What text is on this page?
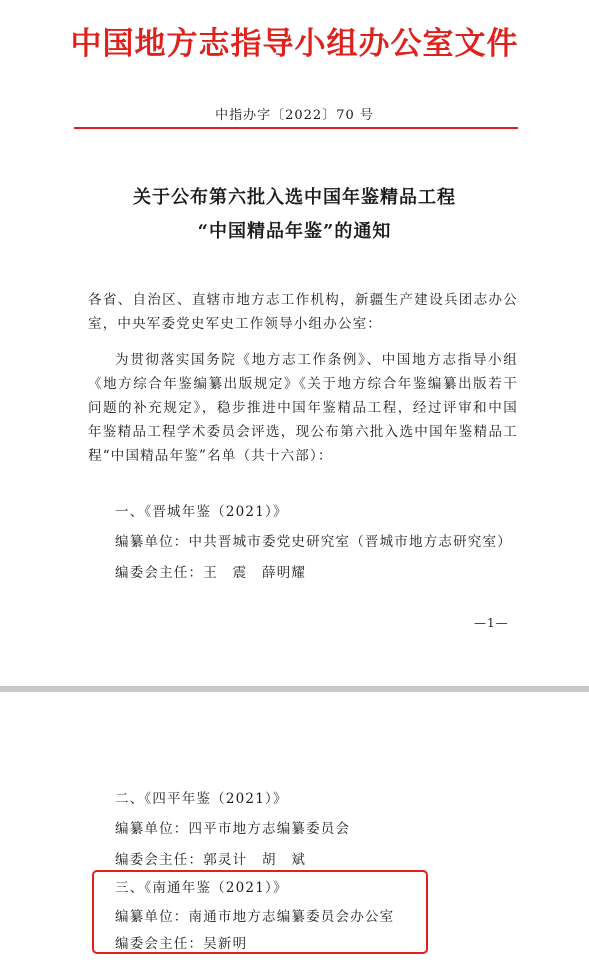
中国地方志指导小组办公室文件
中指办字〔2022〕70 号
关于公布第六批入选中国年鉴精品工程
“中国精品年鉴”的通知
各省、自治区、直辖市地方志工作机构，新疆生产建设兵团志办公室，中央军委党史军史工作领导小组办公室：
为贯彻落实国务院《地方志工作条例》、中国地方志指导小组《地方综合年鉴编纂出版规定》《关于地方综合年鉴编纂出版若干问题的补充规定》，稳步推进中国年鉴精品工程，经过评审和中国年鉴精品工程学术委员会评选，现公布第六批入选中国年鉴精品工程“中国精品年鉴”名单（共十六部）：
一、《晋城年鉴（2021）》
编纂单位：中共晋城市委党史研究室（晋城市地方志研究室）
编委会主任：王　震　薛明耀
—1—
二、《四平年鉴（2021）》
编纂单位：四平市地方志编纂委员会
编委会主任：郭灵计　胡　斌
三、《南通年鉴（2021）》
编纂单位：南通市地方志编纂委员会办公室
编委会主任：吴新明
